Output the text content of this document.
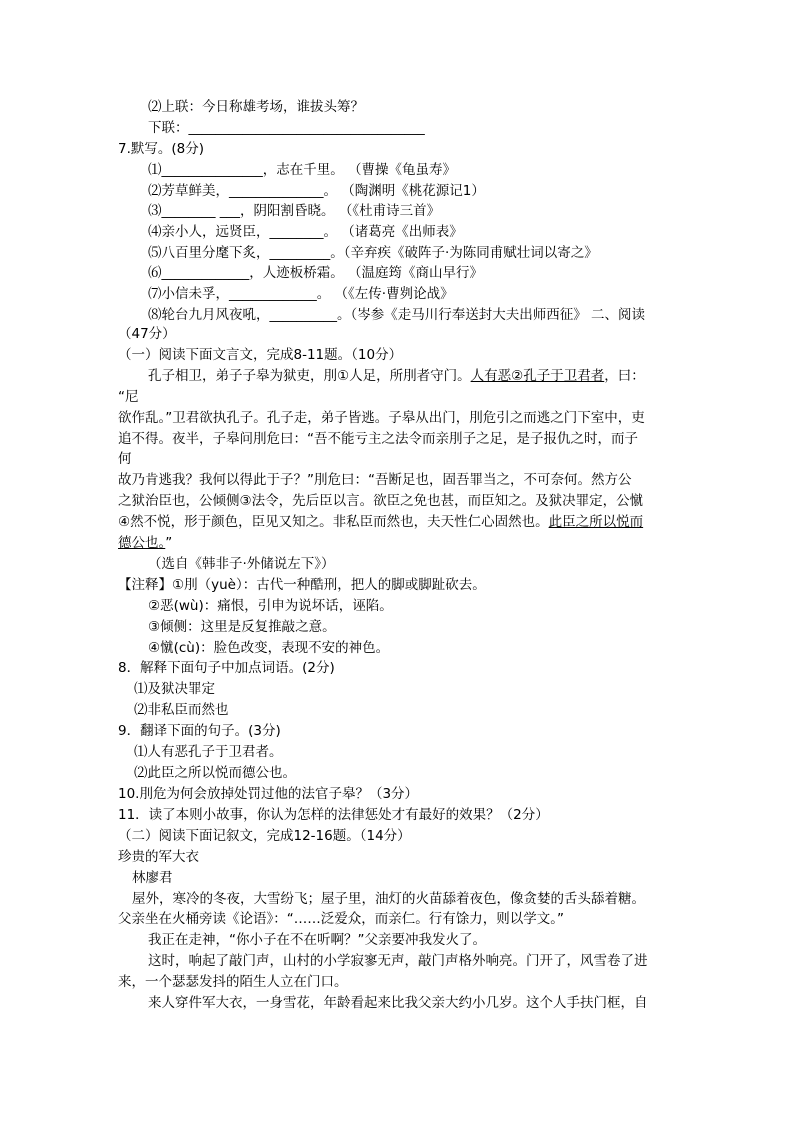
⑵上联：今日称雄考场，谁拔头筹？
下联：___________________________________
7.默写。(8分)
⑴_______________，志在千里。 （曹操《龟虽寿》
⑵芳草鲜美，______________。 （陶渊明《桃花源记1）
⑶________ ___，阴阳割昏晓。 （《杜甫诗三首》
⑷亲小人，远贤臣，________。 （诸葛亮《出师表》
⑸八百里分麾下炙，_________。（辛弃疾《破阵子·为陈同甫赋壮词以寄之》
⑹_____________，人迹板桥霜。 （温庭筠《商山早行》
⑺小信未孚，_____________。 （《左传·曹刿论战》
⑻轮台九月风夜吼，__________。（岑参《走马川行奉送封大夫出师西征》 二、阅读
（47分）
（一）阅读下面文言文，完成8-11题。（10分）
孔子相卫，弟子子皋为狱吏，刖①人足，所刖者守门。人有恶②孔子于卫君者，曰：
“尼
欲作乱。”卫君欲执孔子。孔子走，弟子皆逃。子皋从出门，刖危引之而逃之门下室中，吏
追不得。夜半，子皋问刖危曰：“吾不能亏主之法令而亲刖子之足，是子报仇之时，而子
何
故乃肯逃我？我何以得此于子？”刖危曰：“吾断足也，固吾罪当之，不可奈何。然方公
之狱治臣也，公倾侧③法令，先后臣以言。欲臣之免也甚，而臣知之。及狱决罪定，公憱
④然不悦，形于颜色，臣见又知之。非私臣而然也，夫天性仁心固然也。此臣之所以悦而
德公也。”
（选自《韩非子·外储说左下》）
【注释】①刖（yuè）：古代一种酷刑，把人的脚或脚趾砍去。
②恶(wù)：痛恨，引申为说坏话，诬陷。
③倾侧：这里是反复推敲之意。
④憱(cù)：脸色改变，表现不安的神色。
8．解释下面句子中加点词语。(2分)
⑴及狱决罪定
⑵非私臣而然也
9．翻译下面的句子。(3分)
⑴人有恶孔子于卫君者。
⑵此臣之所以悦而德公也。
10.刖危为何会放掉处罚过他的法官子皋？（3分）
11．读了本则小故事，你认为怎样的法律惩处才有最好的效果？（2分）
（二）阅读下面记叙文，完成12-16题。（14分）
珍贵的军大衣
林廖君
屋外，寒冷的冬夜，大雪纷飞；屋子里，油灯的火苗舔着夜色，像贪婪的舌头舔着糖。
父亲坐在火桶旁读《论语》：“……泛爱众，而亲仁。行有馀力，则以学文。”
我正在走神，“你小子在不在听啊？”父亲要冲我发火了。
这时，响起了敲门声，山村的小学寂寥无声，敲门声格外响亮。门开了，风雪卷了进
来，一个瑟瑟发抖的陌生人立在门口。
来人穿件军大衣，一身雪花，年龄看起来比我父亲大约小几岁。这个人手扶门框，自
